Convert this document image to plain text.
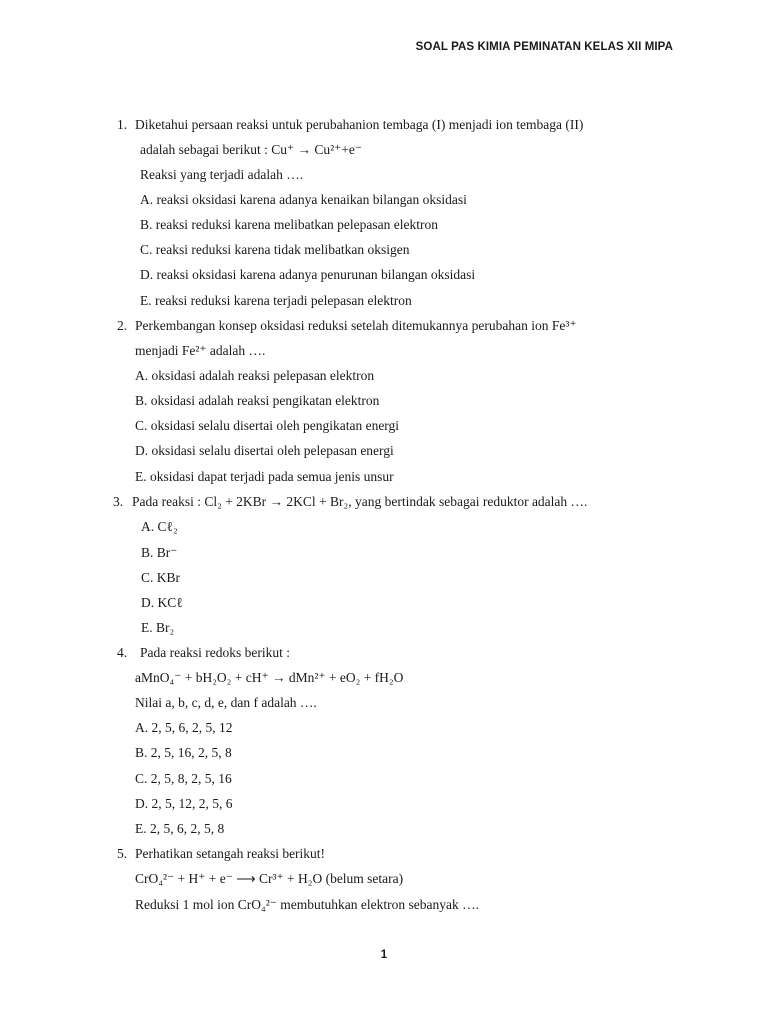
SOAL PAS KIMIA PEMINATAN KELAS XII MIPA
1. Diketahui persaan reaksi untuk perubahanion tembaga (I) menjadi ion tembaga (II)
adalah sebagai berikut : Cu⁺ → Cu²⁺+e⁻
Reaksi yang terjadi adalah ….
A. reaksi oksidasi karena adanya kenaikan bilangan oksidasi
B. reaksi reduksi karena melibatkan pelepasan elektron
C. reaksi reduksi karena tidak melibatkan oksigen
D. reaksi oksidasi karena adanya penurunan bilangan oksidasi
E. reaksi reduksi karena terjadi pelepasan elektron
2. Perkembangan konsep oksidasi reduksi setelah ditemukannya perubahan ion Fe³⁺
menjadi Fe²⁺ adalah ….
A. oksidasi adalah reaksi pelepasan elektron
B. oksidasi adalah reaksi pengikatan elektron
C. oksidasi selalu disertai oleh pengikatan energi
D. oksidasi selalu disertai oleh pelepasan energi
E. oksidasi dapat terjadi pada semua jenis unsur
3. Pada reaksi : Cl₂ + 2KBr → 2KCl + Br₂, yang bertindak sebagai reduktor adalah ….
A. Cℓ₂
B. Br⁻
C. KBr
D. KCℓ
E. Br₂
4. Pada reaksi redoks berikut :
aMnO₄⁻ + bH₂O₂ + cH⁺ → dMn²⁺ + eO₂ + fH₂O
Nilai a, b, c, d, e, dan f adalah ….
A. 2, 5, 6, 2, 5, 12
B. 2, 5, 16, 2, 5, 8
C. 2, 5, 8, 2, 5, 16
D. 2, 5, 12, 2, 5, 6
E. 2, 5, 6, 2, 5, 8
5. Perhatikan setangah reaksi berikut!
CrO₄²⁻ + H⁺ + e⁻ ⟶ Cr³⁺ + H₂O (belum setara)
Reduksi 1 mol ion CrO₄²⁻ membutuhkan elektron sebanyak ….
1
